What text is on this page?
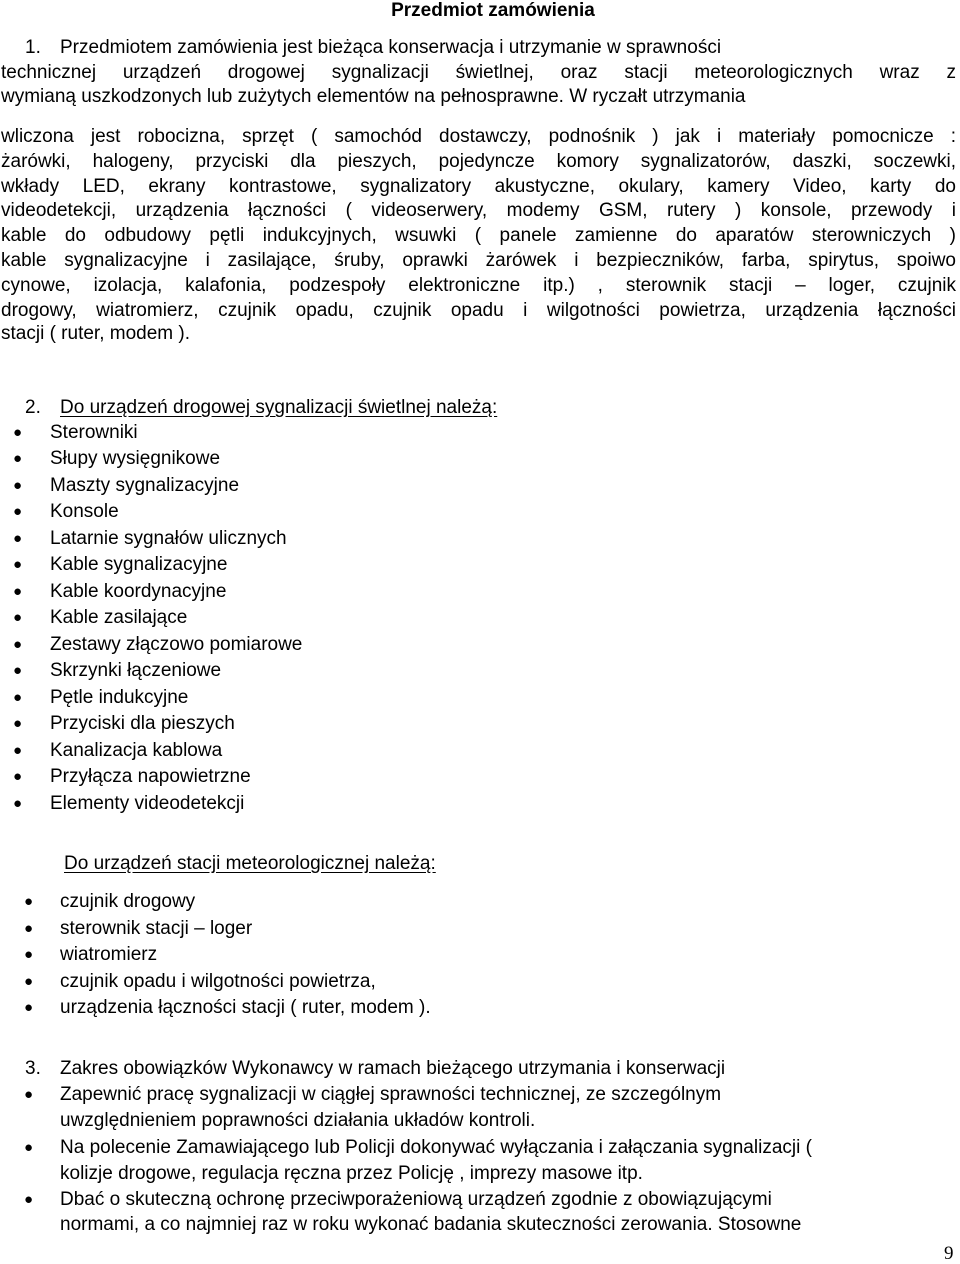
Przedmiot zamówienia
1. Przedmiotem zamówienia jest bieżąca konserwacja i utrzymanie w sprawności
technicznej urządzeń drogowej sygnalizacji świetlnej, oraz stacji meteorologicznych wraz z
wymianą uszkodzonych lub zużytych elementów na pełnosprawne. W ryczałt utrzymania
wliczona jest robocizna, sprzęt ( samochód dostawczy, podnośnik ) jak i materiały pomocnicze :
żarówki, halogeny, przyciski dla pieszych, pojedyncze komory sygnalizatorów, daszki, soczewki,
wkłady LED, ekrany kontrastowe, sygnalizatory akustyczne, okulary, kamery Video, karty do
videodetekcji, urządzenia łączności ( videoserwery, modemy GSM, rutery ) konsole, przewody i
kable do odbudowy pętli indukcyjnych, wsuwki ( panele zamienne do aparatów sterowniczych )
kable sygnalizacyjne i zasilające, śruby, oprawki żarówek i bezpieczników, farba, spirytus, spoiwo
cynowe, izolacja, kalafonia, podzespoły elektroniczne itp.) , sterownik stacji – loger, czujnik
drogowy, wiatromierz, czujnik opadu, czujnik opadu i wilgotności powietrza, urządzenia łączności
stacji ( ruter, modem ).
2. Do urządzeń drogowej sygnalizacji świetlnej należą:
● Sterowniki
● Słupy wysięgnikowe
● Maszty sygnalizacyjne
● Konsole
● Latarnie sygnałów ulicznych
● Kable sygnalizacyjne
● Kable koordynacyjne
● Kable zasilające
● Zestawy złączowo pomiarowe
● Skrzynki łączeniowe
● Pętle indukcyjne
● Przyciski dla pieszych
● Kanalizacja kablowa
● Przyłącza napowietrzne
● Elementy videodetekcji
Do urządzeń stacji meteorologicznej należą:
● czujnik drogowy
● sterownik stacji – loger
● wiatromierz
● czujnik opadu i wilgotności powietrza,
● urządzenia łączności stacji ( ruter, modem ).
3. Zakres obowiązków Wykonawcy w ramach bieżącego utrzymania i konserwacji
● Zapewnić pracę sygnalizacji w ciągłej sprawności technicznej, ze szczególnym
uwzględnieniem poprawności działania układów kontroli.
● Na polecenie Zamawiającego lub Policji dokonywać wyłączania i załączania sygnalizacji (
kolizje drogowe, regulacja ręczna przez Policję , imprezy masowe itp.
● Dbać o skuteczną ochronę przeciwporażeniową urządzeń zgodnie z obowiązującymi
normami, a co najmniej raz w roku wykonać badania skuteczności zerowania. Stosowne
9
